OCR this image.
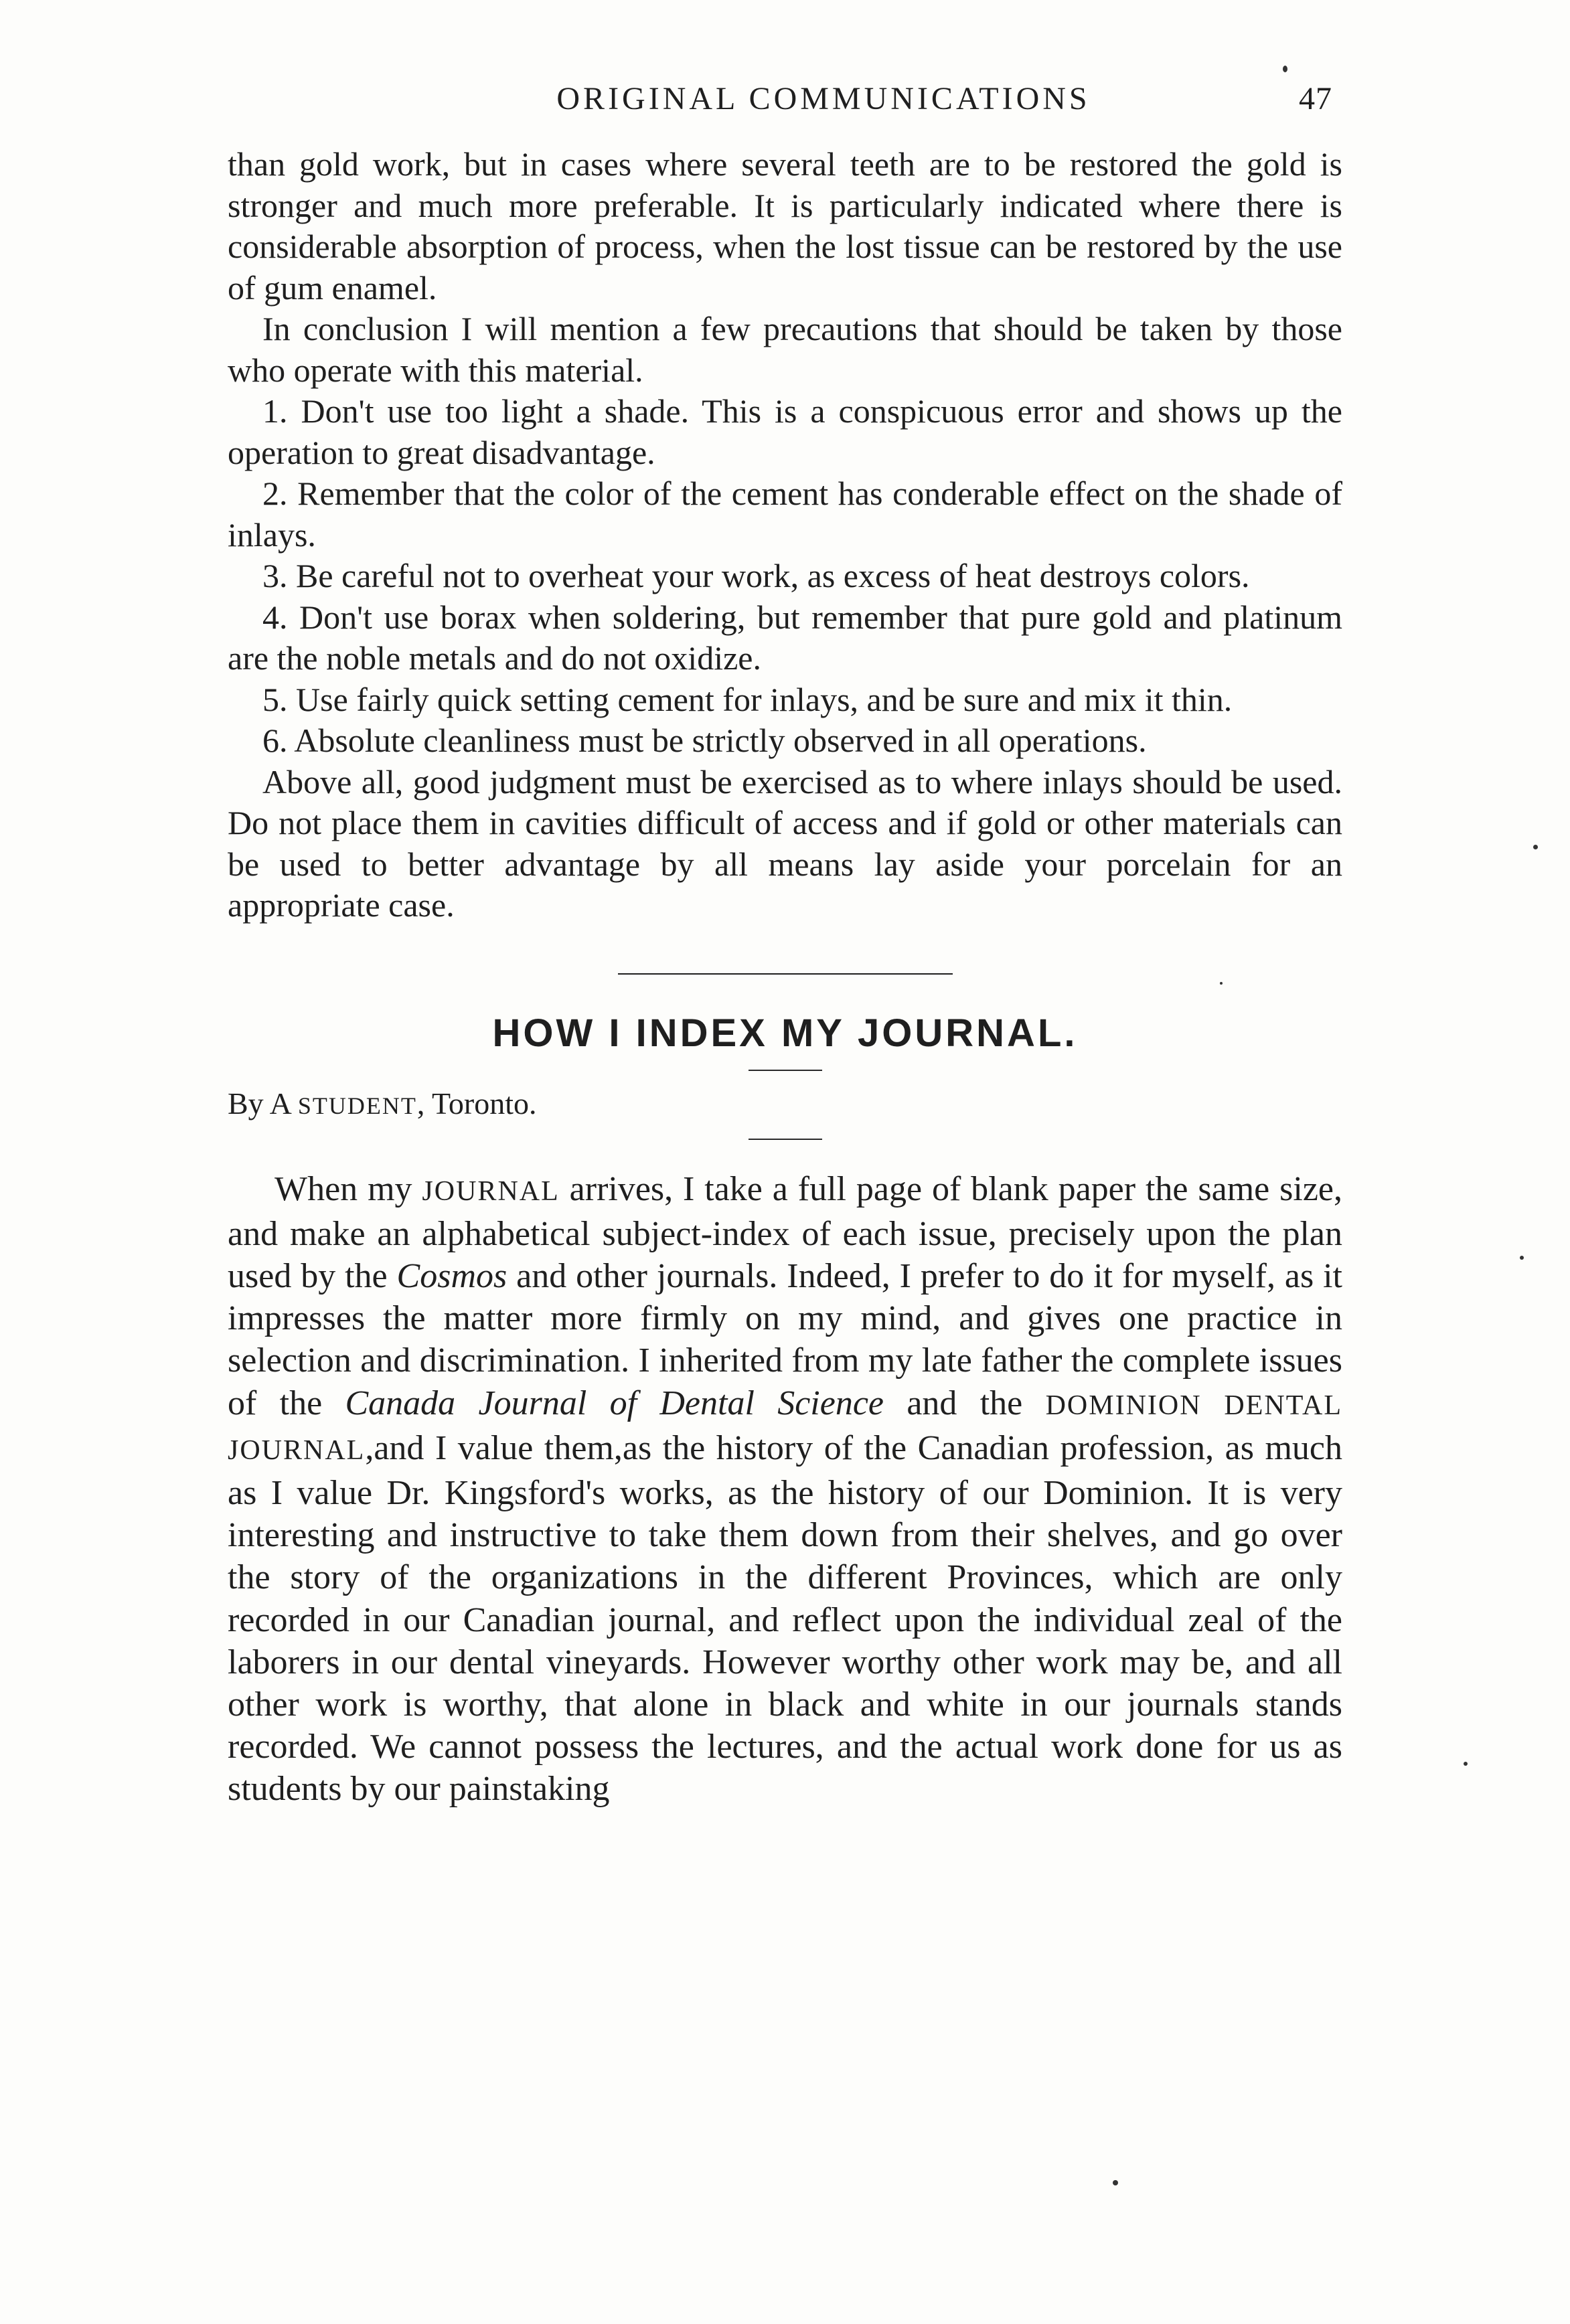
ORIGINAL COMMUNICATIONS	47

than gold work, but in cases where several teeth are to be restored the gold is stronger and much more preferable. It is particularly indicated where there is considerable absorption of process, when the lost tissue can be restored by the use of gum enamel.

In conclusion I will mention a few precautions that should be taken by those who operate with this material.

1. Don't use too light a shade. This is a conspicuous error and shows up the operation to great disadvantage.

2. Remember that the color of the cement has conderable effect on the shade of inlays.

3. Be careful not to overheat your work, as excess of heat destroys colors.

4. Don't use borax when soldering, but remember that pure gold and platinum are the noble metals and do not oxidize.

5. Use fairly quick setting cement for inlays, and be sure and mix it thin.

6. Absolute cleanliness must be strictly observed in all operations.

Above all, good judgment must be exercised as to where inlays should be used. Do not place them in cavities difficult of access and if gold or other materials can be used to better advantage by all means lay aside your porcelain for an appropriate case.

HOW I INDEX MY JOURNAL.

By A STUDENT, Toronto.

When my JOURNAL arrives, I take a full page of blank paper the same size, and make an alphabetical subject-index of each issue, precisely upon the plan used by the Cosmos and other journals. Indeed, I prefer to do it for myself, as it impresses the matter more firmly on my mind, and gives one practice in selection and discrimination. I inherited from my late father the complete issues of the Canada Journal of Dental Science and the DOMINION DENTAL JOURNAL,and I value them,as the history of the Canadian profession, as much as I value Dr. Kingsford's works, as the history of our Dominion. It is very interesting and instructive to take them down from their shelves, and go over the story of the organizations in the different Provinces, which are only recorded in our Canadian journal, and reflect upon the individual zeal of the laborers in our dental vineyards. However worthy other work may be, and all other work is worthy, that alone in black and white in our journals stands recorded. We cannot possess the lectures, and the actual work done for us as students by our painstaking
